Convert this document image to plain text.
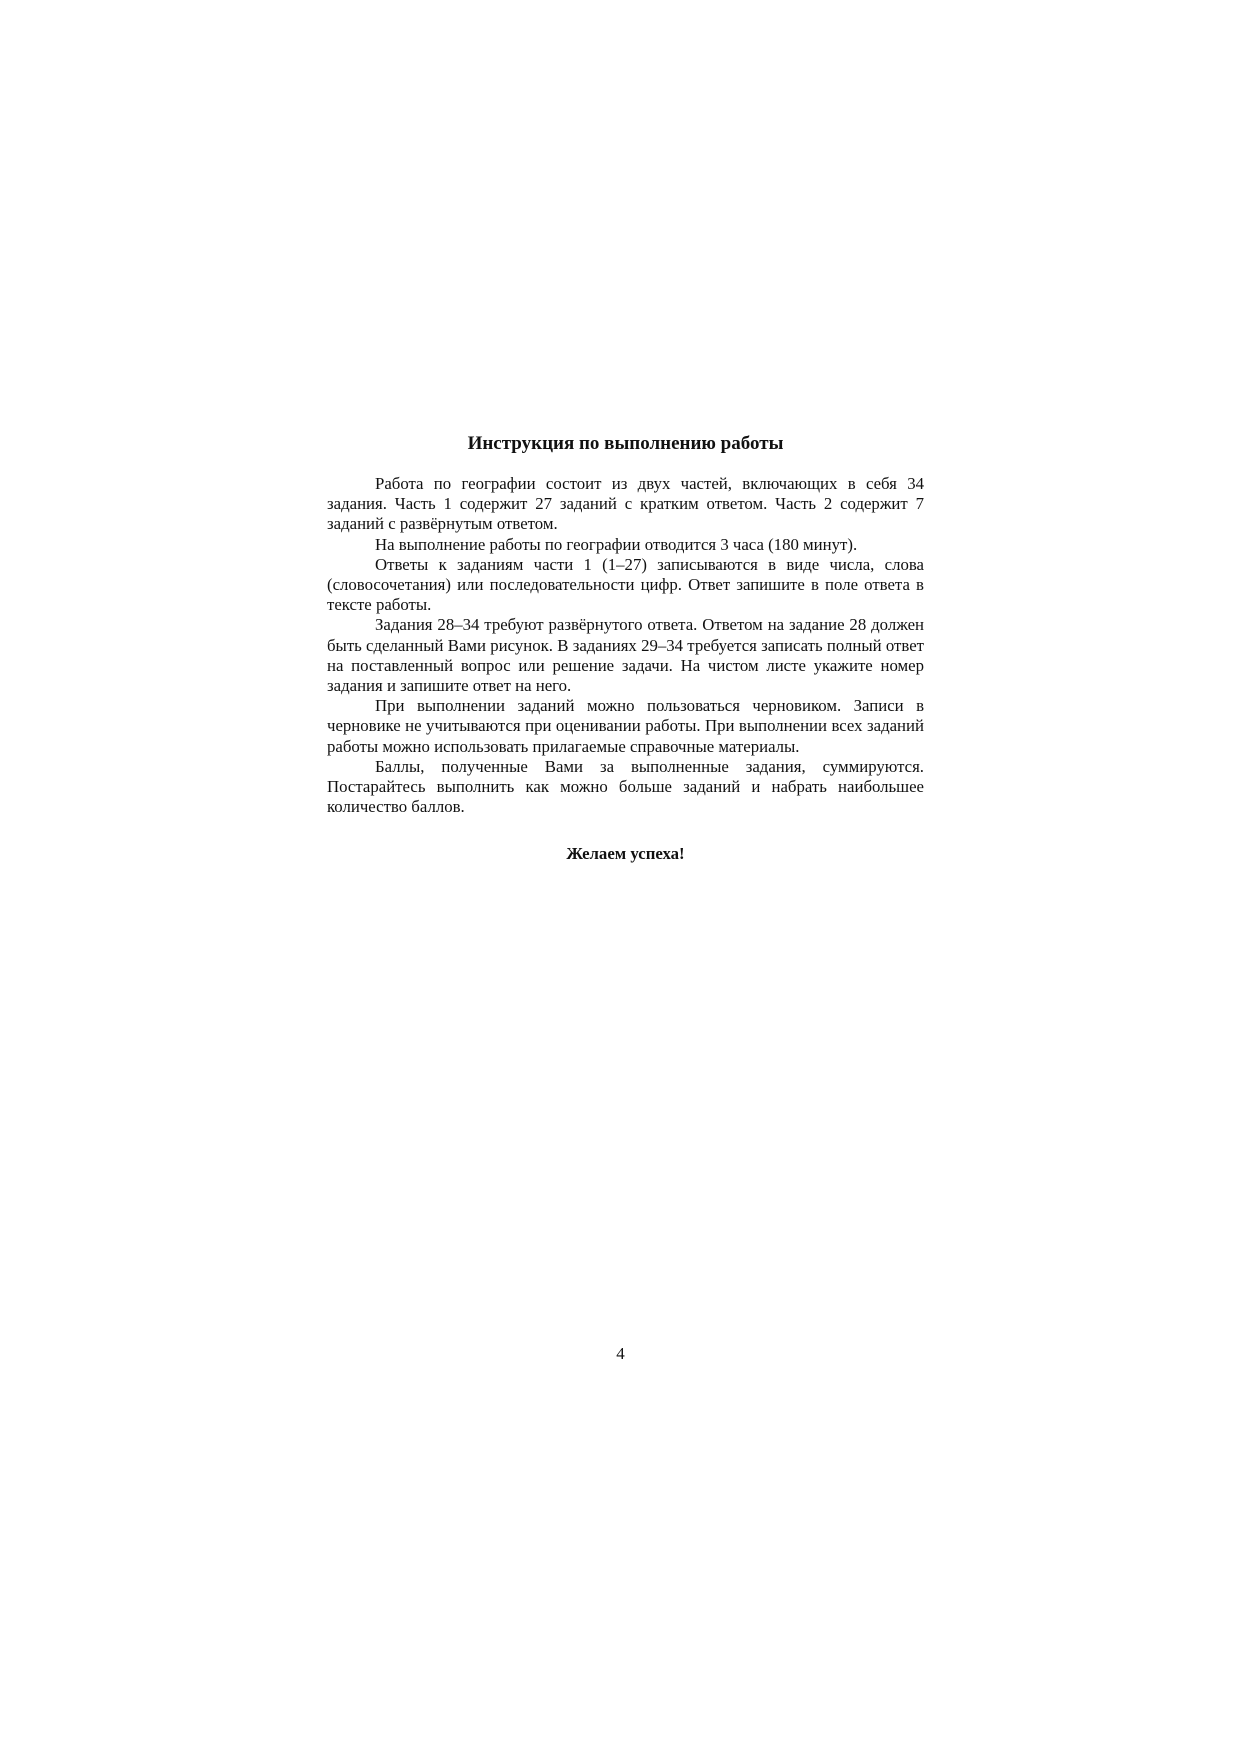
Инструкция по выполнению работы

Работа по географии состоит из двух частей, включающих в себя 34 задания. Часть 1 содержит 27 заданий с кратким ответом. Часть 2 содержит 7 заданий с развёрнутым ответом.

На выполнение работы по географии отводится 3 часа (180 минут).

Ответы к заданиям части 1 (1–27) записываются в виде числа, слова (словосочетания) или последовательности цифр. Ответ запишите в поле ответа в тексте работы.

Задания 28–34 требуют развёрнутого ответа. Ответом на задание 28 должен быть сделанный Вами рисунок. В заданиях 29–34 требуется записать полный ответ на поставленный вопрос или решение задачи. На чистом листе укажите номер задания и запишите ответ на него.

При выполнении заданий можно пользоваться черновиком. Записи в черновике не учитываются при оценивании работы. При выполнении всех заданий работы можно использовать прилагаемые справочные материалы.

Баллы, полученные Вами за выполненные задания, суммируются. Постарайтесь выполнить как можно больше заданий и набрать наибольшее количество баллов.

Желаем успеха!

4
